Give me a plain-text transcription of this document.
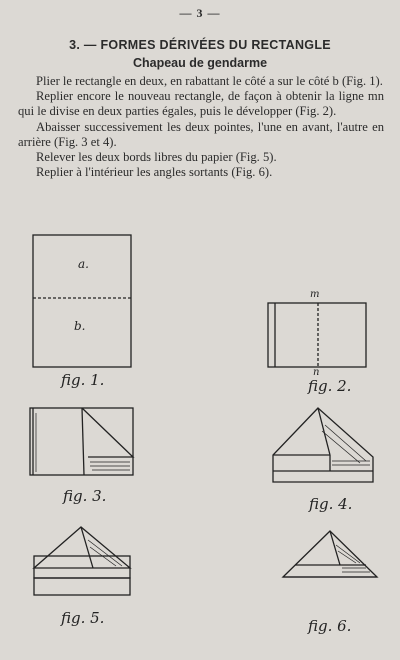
— 3 —
3. — FORMES DÉRIVÉES DU RECTANGLE
Chapeau de gendarme

Plier le rectangle en deux, en rabattant le côté a sur le côté b (Fig. 1).

Replier encore le nouveau rectangle, de façon à obtenir la ligne mn qui le divise en deux parties égales, puis le développer (Fig. 2).

Abaisser successivement les deux pointes, l'une en avant, l'autre en arrière (Fig. 3 et 4).

Relever les deux bords libres du papier (Fig. 5).

Replier à l'intérieur les angles sortants (Fig. 6).

a.
b.
m
n
fig. 1.	fig. 2.
fig. 3.	fig. 4.
fig. 5.	fig. 6.
